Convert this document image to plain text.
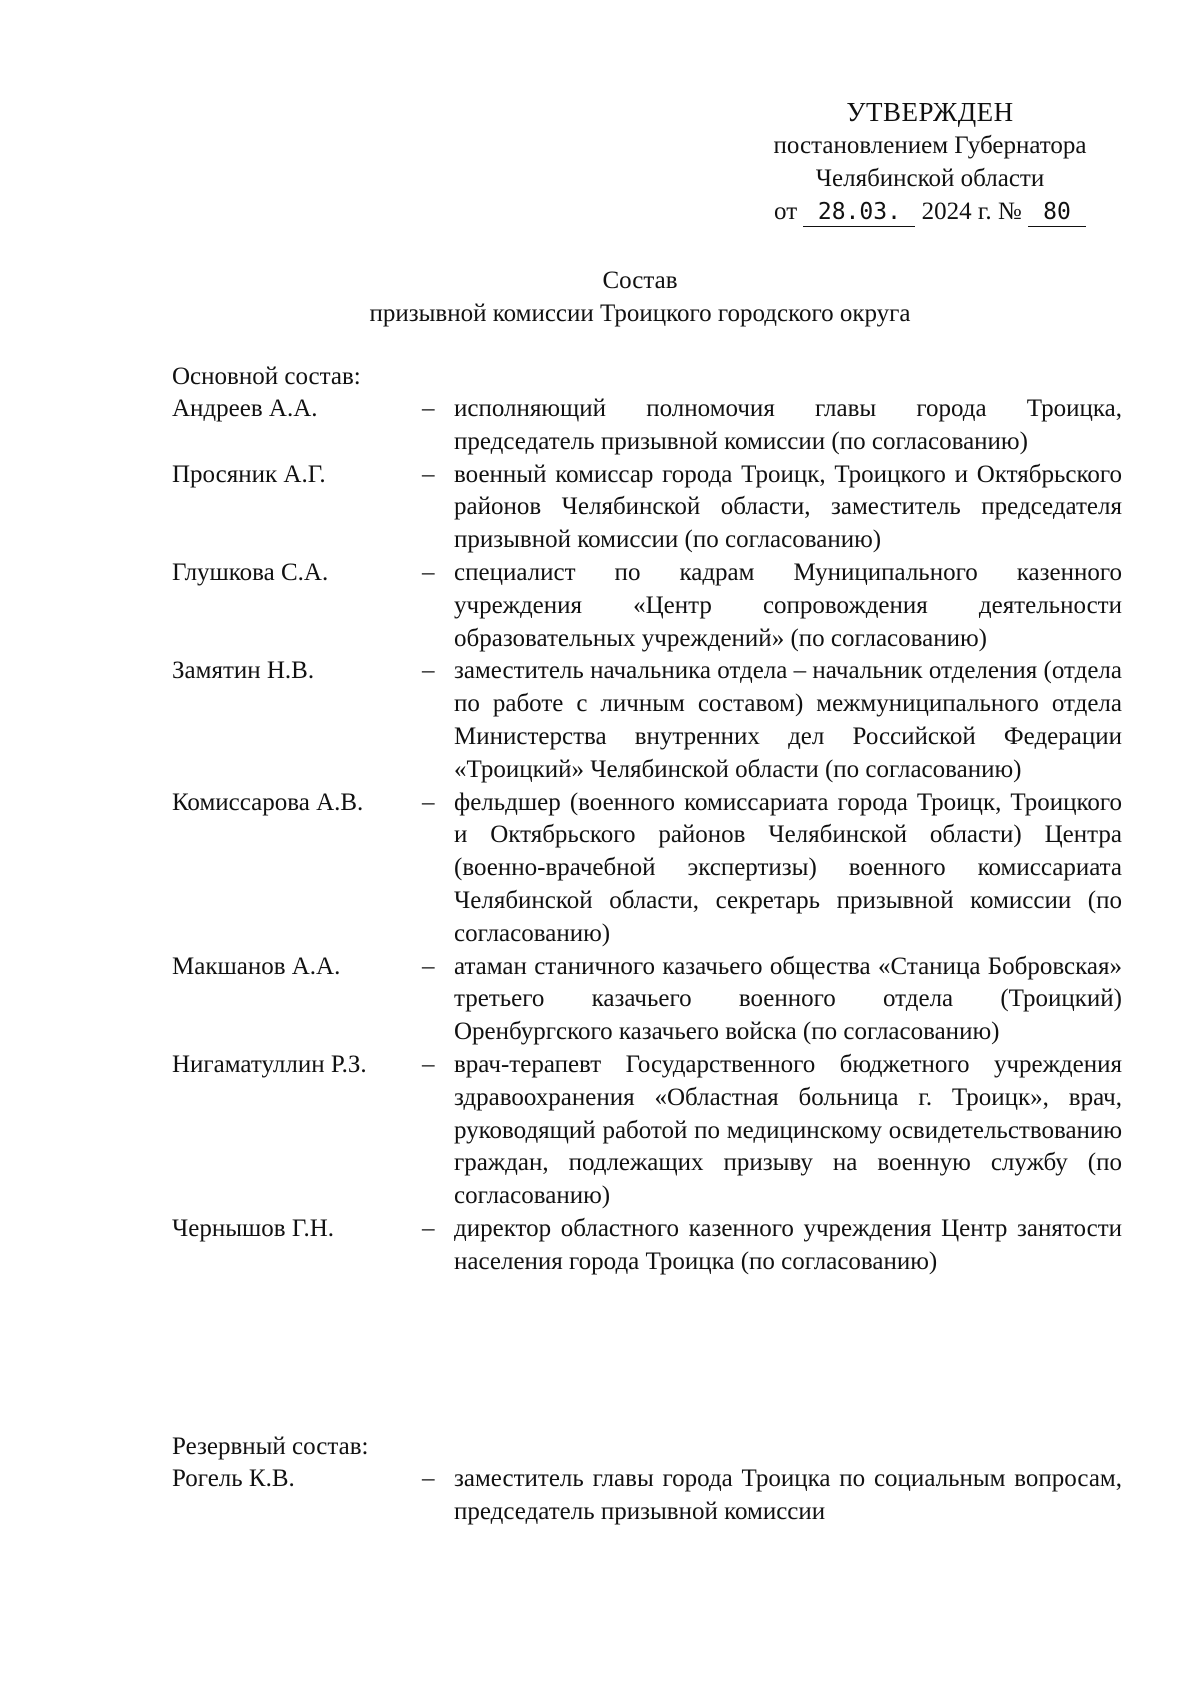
УТВЕРЖДЕН
постановлением Губернатора
Челябинской области
от 28.03. 2024 г. № 80
Состав
призывной комиссии Троицкого городского округа
Основной состав:
Андреев А.А.	– исполняющий полномочия главы города Троицка, председатель призывной комиссии (по согласованию)
Просяник А.Г.	– военный комиссар города Троицк, Троицкого и Октябрьского районов Челябинской области, заместитель председателя призывной комиссии (по согласованию)
Глушкова С.А.	– специалист по кадрам Муниципального казенного учреждения «Центр сопровождения деятельности образовательных учреждений» (по согласованию)
Замятин Н.В.	– заместитель начальника отдела – начальник отделения (отдела по работе с личным составом) межмуниципального отдела Министерства внутренних дел Российской Федерации «Троицкий» Челябинской области (по согласованию)
Комиссарова А.В.	– фельдшер (военного комиссариата города Троицк, Троицкого и Октябрьского районов Челябинской области) Центра (военно-врачебной экспертизы) военного комиссариата Челябинской области, секретарь призывной комиссии (по согласованию)
Макшанов А.А.	– атаман станичного казачьего общества «Станица Бобровская» третьего казачьего военного отдела (Троицкий) Оренбургского казачьего войска (по согласованию)
Нигаматуллин Р.З.	– врач-терапевт Государственного бюджетного учреждения здравоохранения «Областная больница г. Троицк», врач, руководящий работой по медицинскому освидетельствованию граждан, подлежащих призыву на военную службу (по согласованию)
Чернышов Г.Н.	– директор областного казенного учреждения Центр занятости населения города Троицка (по согласованию)
Резервный состав:
Рогель К.В.	– заместитель главы города Троицка по социальным вопросам, председатель призывной комиссии
